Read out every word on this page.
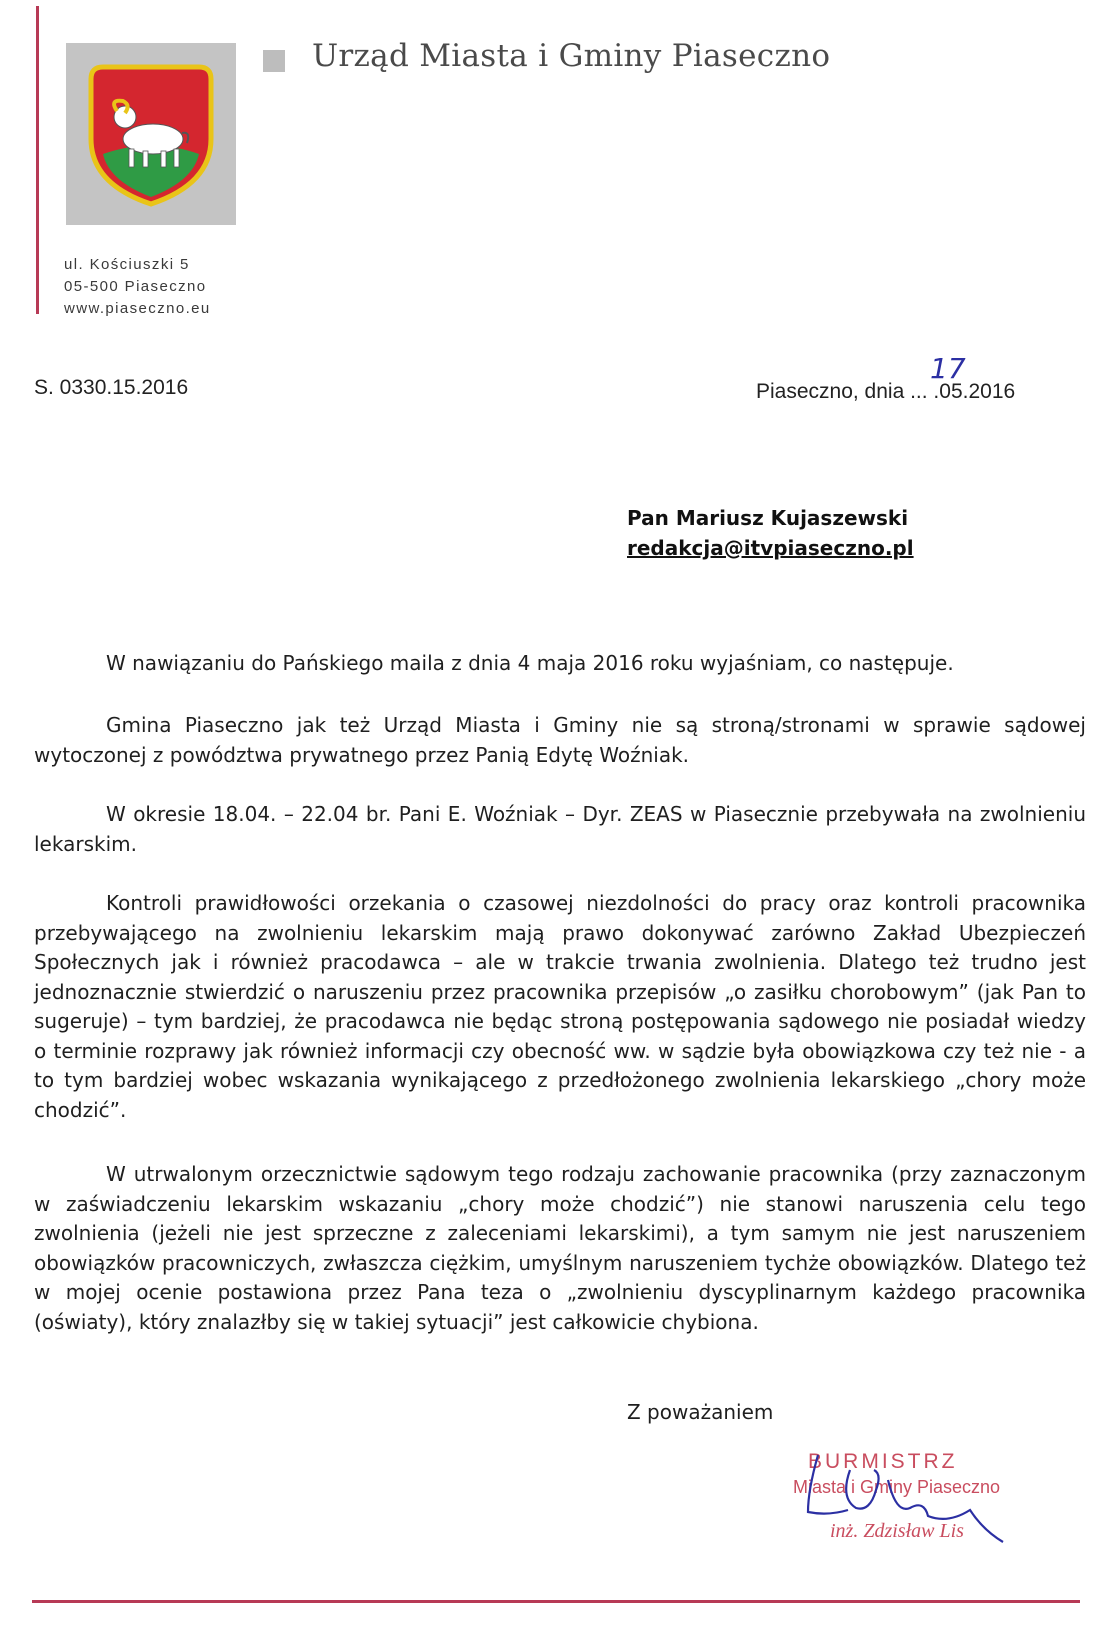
Urząd Miasta i Gminy Piaseczno
ul. Kościuszki 5
05-500 Piaseczno
www.piaseczno.eu
S. 0330.15.2016	Piaseczno, dnia ... .05.2016
17
Pan Mariusz Kujaszewski
redakcja@itvpiaseczno.pl

W nawiązaniu do Pańskiego maila z dnia 4 maja 2016 roku wyjaśniam, co następuje.

Gmina Piaseczno jak też Urząd Miasta i Gminy nie są stroną/stronami w sprawie sądowej wytoczonej z powództwa prywatnego przez Panią Edytę Woźniak.

W okresie 18.04. – 22.04 br. Pani E. Woźniak – Dyr. ZEAS w Piasecznie przebywała na zwolnieniu lekarskim.

Kontroli prawidłowości orzekania o czasowej niezdolności do pracy oraz kontroli pracownika przebywającego na zwolnieniu lekarskim mają prawo dokonywać zarówno Zakład Ubezpieczeń Społecznych jak i również pracodawca – ale w trakcie trwania zwolnienia. Dlatego też trudno jest jednoznacznie stwierdzić o naruszeniu przez pracownika przepisów „o zasiłku chorobowym” (jak Pan to sugeruje) – tym bardziej, że pracodawca nie będąc stroną postępowania sądowego nie posiadał wiedzy o terminie rozprawy jak również informacji czy obecność ww. w sądzie była obowiązkowa czy też nie - a to tym bardziej wobec wskazania wynikającego z przedłożonego zwolnienia lekarskiego „chory może chodzić”.

W utrwalonym orzecznictwie sądowym tego rodzaju zachowanie pracownika (przy zaznaczonym w zaświadczeniu lekarskim wskazaniu „chory może chodzić”) nie stanowi naruszenia celu tego zwolnienia (jeżeli nie jest sprzeczne z zaleceniami lekarskimi), a tym samym nie jest naruszeniem obowiązków pracowniczych, zwłaszcza ciężkim, umyślnym naruszeniem tychże obowiązków. Dlatego też w mojej ocenie postawiona przez Pana teza o „zwolnieniu dyscyplinarnym każdego pracownika (oświaty), który znalazłby się w takiej sytuacji” jest całkowicie chybiona.

Z poważaniem
BURMISTRZ
Miasta i Gminy Piaseczno
inż. Zdzisław Lis
